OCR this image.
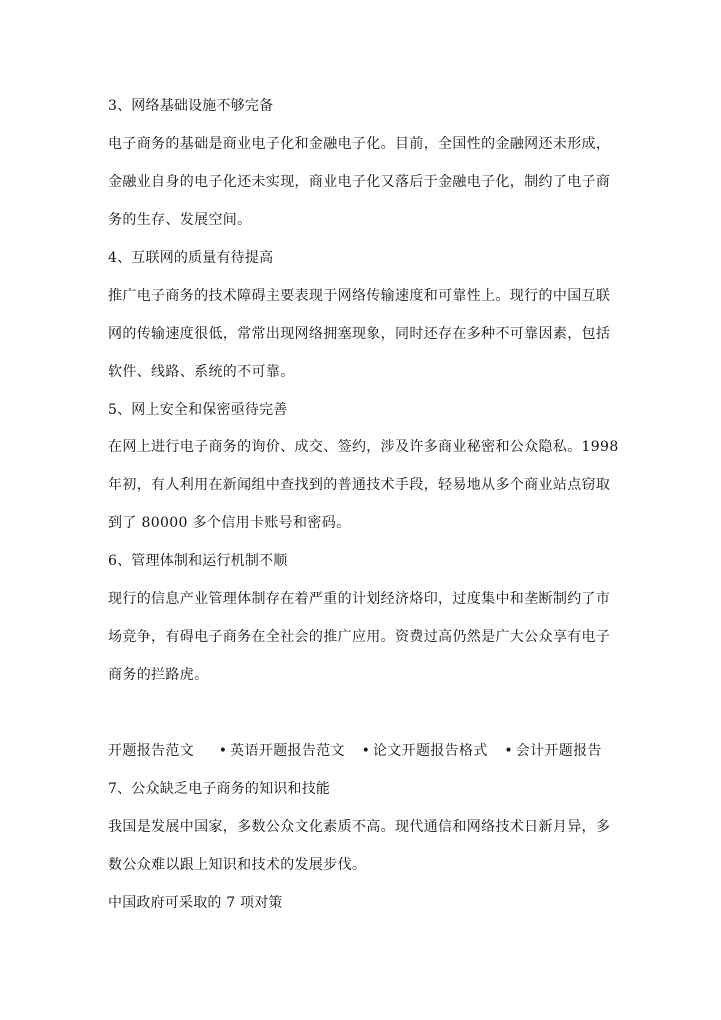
3、网络基础设施不够完备
电子商务的基础是商业电子化和金融电子化。目前，全国性的金融网还未形成，
金融业自身的电子化还未实现，商业电子化又落后于金融电子化，制约了电子商
务的生存、发展空间。
4、互联网的质量有待提高
推广电子商务的技术障碍主要表现于网络传输速度和可靠性上。现行的中国互联
网的传输速度很低，常常出现网络拥塞现象，同时还存在多种不可靠因素，包括
软件、线路、系统的不可靠。
5、网上安全和保密亟待完善
在网上进行电子商务的询价、成交、签约，涉及许多商业秘密和公众隐私。1998
年初，有人利用在新闻组中查找到的普通技术手段，轻易地从多个商业站点窃取
到了 80000 多个信用卡账号和密码。
6、管理体制和运行机制不顺
现行的信息产业管理体制存在着严重的计划经济烙印，过度集中和垄断制约了市
场竞争，有碍电子商务在全社会的推广应用。资费过高仍然是广大公众享有电子
商务的拦路虎。
开题报告范文 • 英语开题报告范文 • 论文开题报告格式 • 会计开题报告
7、公众缺乏电子商务的知识和技能
我国是发展中国家，多数公众文化素质不高。现代通信和网络技术日新月异，多
数公众难以跟上知识和技术的发展步伐。
中国政府可采取的 7 项对策
